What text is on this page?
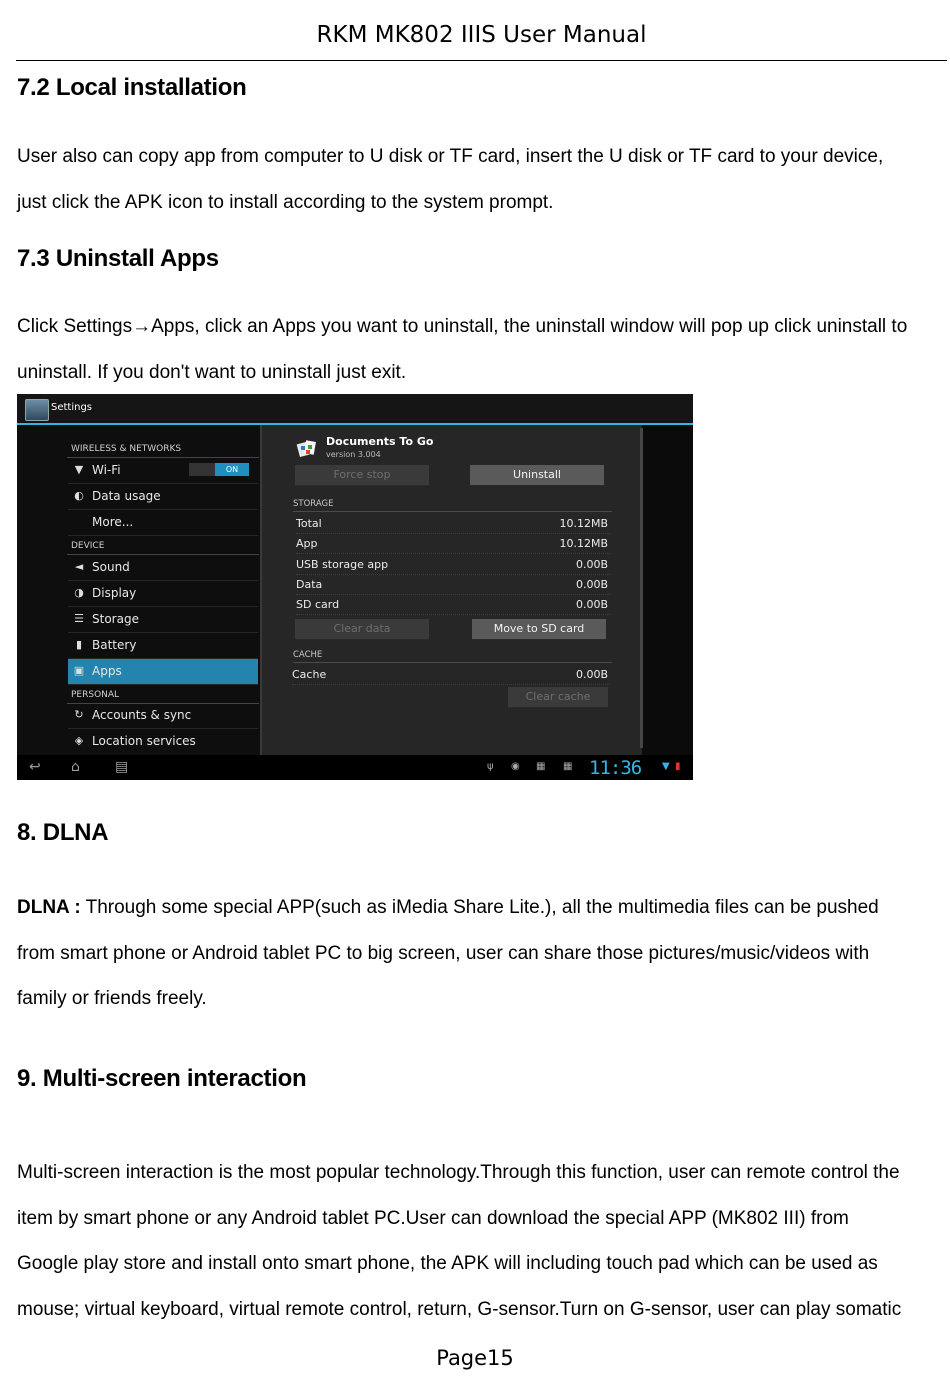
RKM MK802 IIIS User Manual
7.2 Local installation

User also can copy app from computer to U disk or TF card, insert the U disk or TF card to your device,

just click the APK icon to install according to the system prompt.

7.3 Uninstall Apps

Click Settings→Apps, click an Apps you want to uninstall, the uninstall window will pop up click uninstall to

uninstall. If you don't want to uninstall just exit.

Settings
WIRELESS & NETWORKS
▼ Wi-Fi	ON
◐ Data usage
More...
DEVICE
◄ Sound
◑ Display
☰ Storage
▮ Battery
▣ Apps
PERSONAL
↻ Accounts & sync
◈ Location services
Documents To Go
version 3.004
Force stop	Uninstall
STORAGE
Total	10.12MB
App	10.12MB
USB storage app	0.00B
Data	0.00B
SD card	0.00B
Clear data	Move to SD card
CACHE
Cache	0.00B
Clear cache
↩ ⌂	▤	ψ ◉ ▦ ▦ 11:36 ▼ ▮
8. DLNA

DLNA : Through some special APP(such as iMedia Share Lite.), all the multimedia files can be pushed

from smart phone or Android tablet PC to big screen, user can share those pictures/music/videos with

family or friends freely.

9. Multi-screen interaction

Multi-screen interaction is the most popular technology.Through this function, user can remote control the

item by smart phone or any Android tablet PC.User can download the special APP (MK802 III) from

Google play store and install onto smart phone, the APK will including touch pad which can be used as

mouse; virtual keyboard, virtual remote control, return, G-sensor.Turn on G-sensor, user can play somatic

Page15
